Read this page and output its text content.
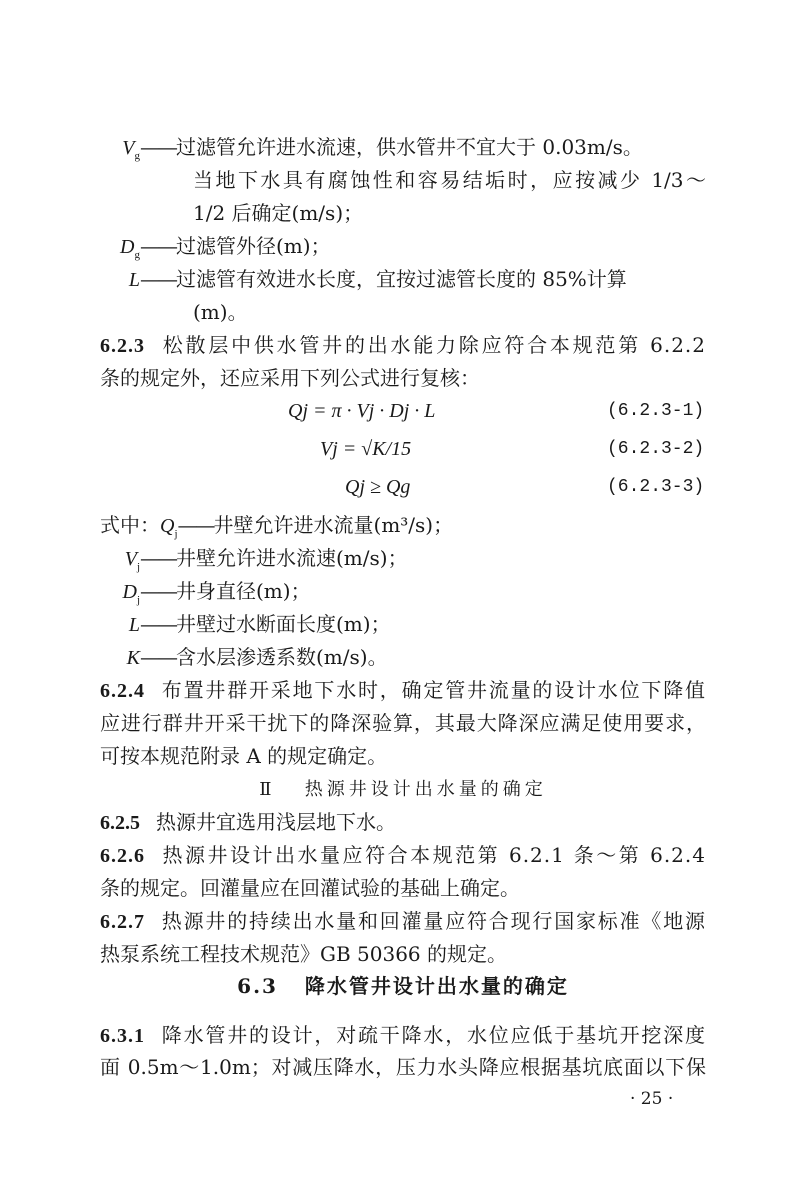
$V_g——$过滤管允许进水流速，供水管井不宜大于 0.03m/s。
当地下水具有腐蚀性和容易结垢时，应按减少 1/3～
1/2 后确定(m/s)；
$D_g——$过滤管外径(m)；
L——过滤管有效进水长度，宜按过滤管长度的 85%计算
(m)。
6.2.3 松散层中供水管井的出水能力除应符合本规范第 6.2.2
条的规定外，还应采用下列公式进行复核：
Qj = π · Vj · Dj · L	(6.2.3-1)
Vj = √K/15	(6.2.3-2)
Qj ≥ Qg	(6.2.3-3)
式中：$Q_j——$井壁允许进水流量(m³/s)；
$V_j——$井壁允许进水流速(m/s)；
$D_j——$井身直径(m)；
L——井壁过水断面长度(m)；
K——含水层渗透系数(m/s)。
6.2.4 布置井群开采地下水时，确定管井流量的设计水位下降值
应进行群井开采干扰下的降深验算，其最大降深应满足使用要求，
可按本规范附录 A 的规定确定。
Ⅱ 热源井设计出水量的确定
6.2.5 热源井宜选用浅层地下水。
6.2.6 热源井设计出水量应符合本规范第 6.2.1 条～第 6.2.4
条的规定。回灌量应在回灌试验的基础上确定。
6.2.7 热源井的持续出水量和回灌量应符合现行国家标准《地源
热泵系统工程技术规范》GB 50366 的规定。
6.3 降水管井设计出水量的确定
6.3.1 降水管井的设计，对疏干降水，水位应低于基坑开挖深度
面 0.5m～1.0m；对减压降水，压力水头降应根据基坑底面以下保
· 25 ·
